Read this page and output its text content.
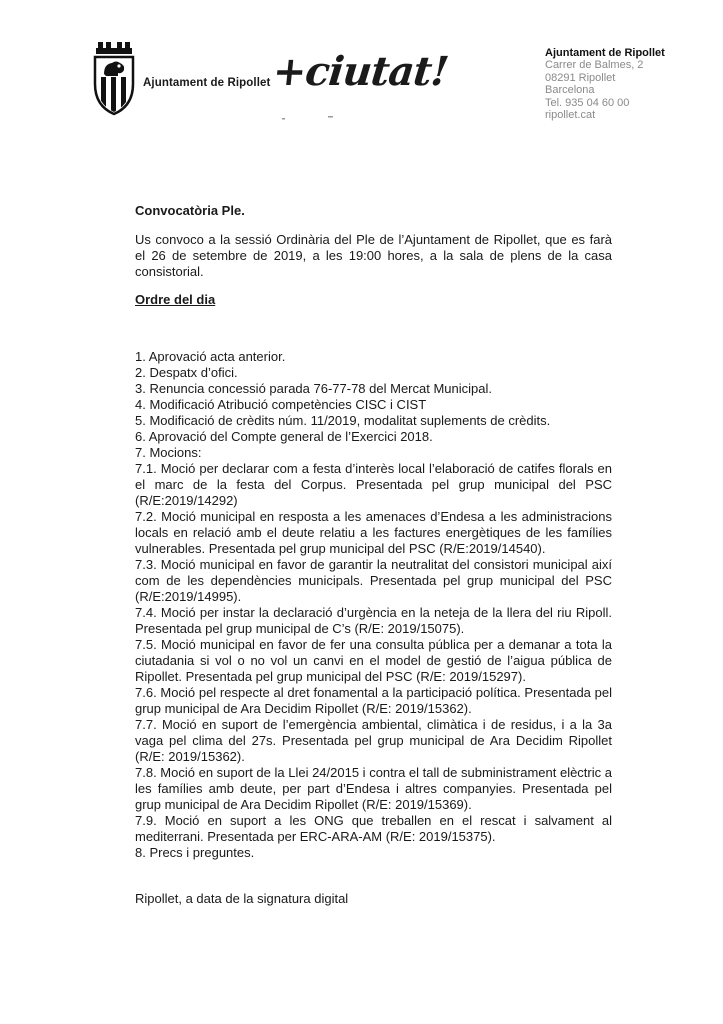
Ajuntament de Ripollet +ciutat!	Ajuntament de Ripollet
Carrer de Balmes, 2
08291 Ripollet
Barcelona
Tel. 935 04 60 00
ripollet.cat

Convocatòria Ple.

Us convoco a la sessió Ordinària del Ple de l’Ajuntament de Ripollet, que es farà el 26 de setembre de 2019, a les 19:00 hores, a la sala de plens de la casa consistorial.

Ordre del dia

1. Aprovació acta anterior.

2. Despatx d’ofici.

3. Renuncia concessió parada 76-77-78 del Mercat Municipal.

4. Modificació Atribució competències CISC i CIST

5. Modificació de crèdits núm. 11/2019, modalitat suplements de crèdits.

6. Aprovació del Compte general de l’Exercici 2018.

7. Mocions:

7.1. Moció per declarar com a festa d’interès local l’elaboració de catifes florals en el marc de la festa del Corpus. Presentada pel grup municipal del PSC (R/E:2019/14292)

7.2. Moció municipal en resposta a les amenaces d’Endesa a les administracions locals en relació amb el deute relatiu a les factures energètiques de les famílies vulnerables. Presentada pel grup municipal del PSC (R/E:2019/14540).

7.3. Moció municipal en favor de garantir la neutralitat del consistori municipal així com de les dependències municipals. Presentada pel grup municipal del PSC (R/E:2019/14995).

7.4. Moció per instar la declaració d’urgència en la neteja de la llera del riu Ripoll. Presentada pel grup municipal de C’s (R/E: 2019/15075).

7.5. Moció municipal en favor de fer una consulta pública per a demanar a tota la ciutadania si vol o no vol un canvi en el model de gestió de l’aigua pública de Ripollet. Presentada pel grup municipal del PSC (R/E: 2019/15297).

7.6. Moció pel respecte al dret fonamental a la participació política. Presentada pel grup municipal de Ara Decidim Ripollet (R/E: 2019/15362).

7.7. Moció en suport de l’emergència ambiental, climàtica i de residus, i a la 3a vaga pel clima del 27s. Presentada pel grup municipal de Ara Decidim Ripollet (R/E: 2019/15362).

7.8. Moció en suport de la Llei 24/2015 i contra el tall de subministrament elèctric a les famílies amb deute, per part d’Endesa i altres companyies. Presentada pel grup municipal de Ara Decidim Ripollet (R/E: 2019/15369).

7.9. Moció en suport a les ONG que treballen en el rescat i salvament al mediterrani. Presentada per ERC-ARA-AM (R/E: 2019/15375).

8. Precs i preguntes.

Ripollet, a data de la signatura digital
